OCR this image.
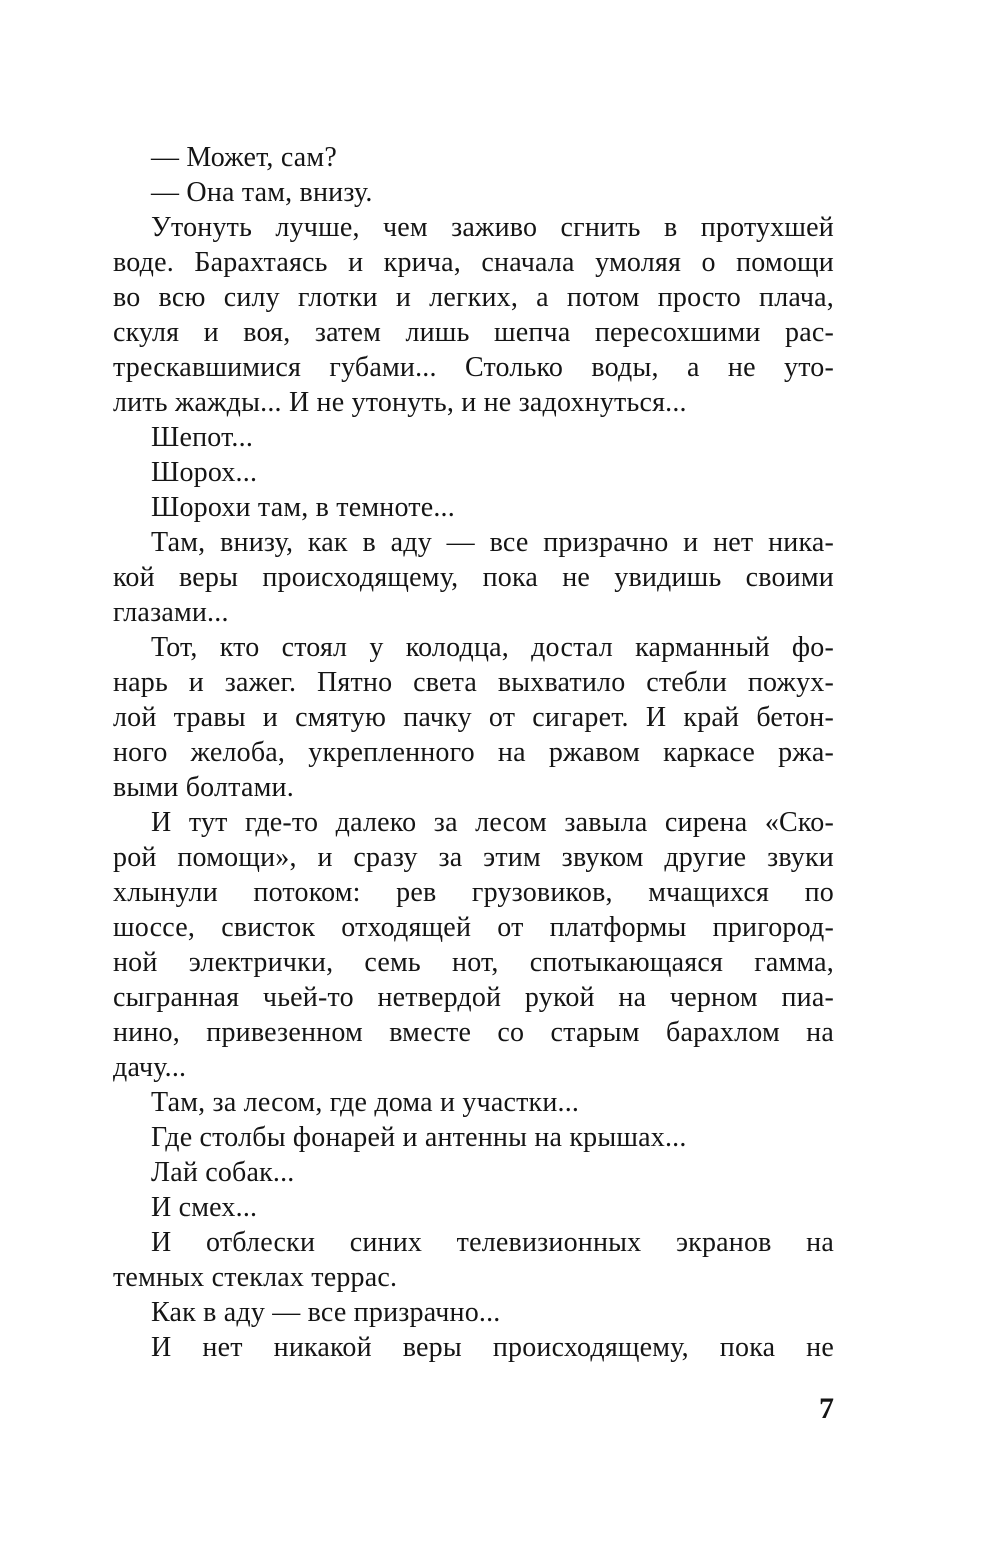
— Может, сам?
— Она там, внизу.
Утонуть лучше, чем заживо сгнить в протухшей
воде. Барахтаясь и крича, сначала умоляя о помощи
во всю силу глотки и легких, а потом просто плача,
скуля и воя, затем лишь шепча пересохшими рас-
трескавшимися губами... Столько воды, а не уто-
лить жажды... И не утонуть, и не задохнуться...
Шепот...
Шорох...
Шорохи там, в темноте...
Там, внизу, как в аду — все призрачно и нет ника-
кой веры происходящему, пока не увидишь своими
глазами...
Тот, кто стоял у колодца, достал карманный фо-
нарь и зажег. Пятно света выхватило стебли пожух-
лой травы и смятую пачку от сигарет. И край бетон-
ного желоба, укрепленного на ржавом каркасе ржа-
выми болтами.
И тут где-то далеко за лесом завыла сирена «Ско-
рой помощи», и сразу за этим звуком другие звуки
хлынули потоком: рев грузовиков, мчащихся по
шоссе, свисток отходящей от платформы пригород-
ной электрички, семь нот, спотыкающаяся гамма,
сыгранная чьей-то нетвердой рукой на черном пиа-
нино, привезенном вместе со старым барахлом на
дачу...
Там, за лесом, где дома и участки...
Где столбы фонарей и антенны на крышах...
Лай собак...
И смех...
И отблески синих телевизионных экранов на
темных стеклах террас.
Как в аду — все призрачно...
И нет никакой веры происходящему, пока не
7
